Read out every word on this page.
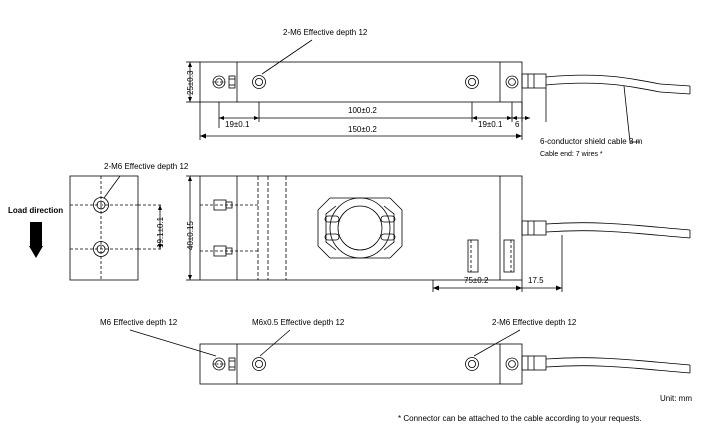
2-M6 Effective depth 12
25±0.3
19±0.1
100±0.2
19±0.1 6
150±0.2
6-conductor shield cable 3 m
Cable end: 7 wires *
2-M6 Effective depth 12
Load direction
19.1±0.1
40±0.15
75±0.2	17.5
M6 Effective depth 12	M6x0.5 Effective depth 12	2-M6 Effective depth 12
Unit: mm
* Connector can be attached to the cable according to your requests.
